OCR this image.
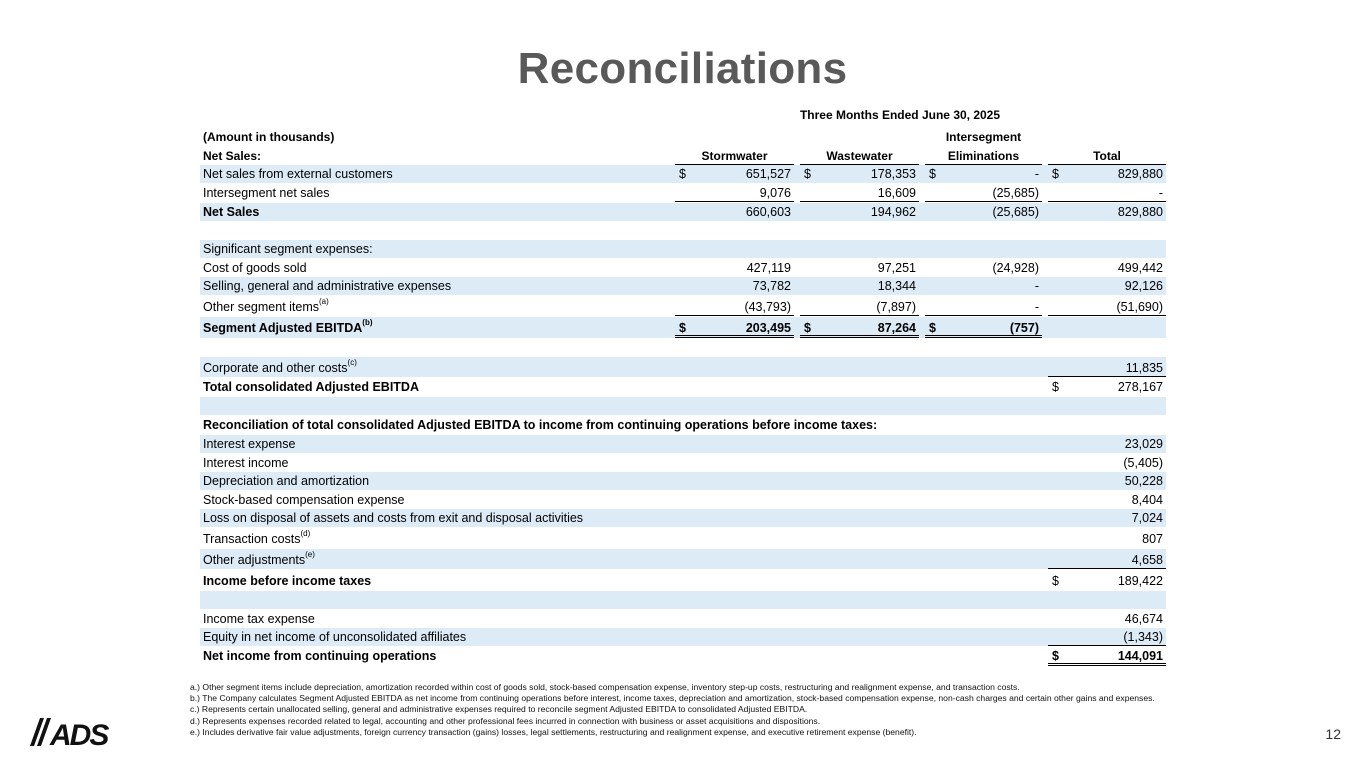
Reconciliations
Three Months Ended June 30, 2025
(Amount in thousands)
Net Sales:	Stormwater	Wastewater
Intersegment
Eliminations	Total
Net sales from external customers	$	651,527 $	178,353 $	- $	829,880
Intersegment net sales	9,076	16,609	(25,685)	-
Net Sales	660,603	194,962	(25,685)	829,880
Significant segment expenses:
Cost of goods sold	427,119	97,251	(24,928)	499,442
Selling, general and administrative expenses	73,782	18,344	-	92,126
Other segment items$^{(a)}$	(43,793)	(7,897)	-	(51,690)
Segment Adjusted EBITDA$^{(b)}$	$	203,495 $	87,264 $	(757)
Corporate and other costs$^{(c)}$	11,835
Total consolidated Adjusted EBITDA	$	278,167
Reconciliation of total consolidated Adjusted EBITDA to income from continuing operations before income taxes:
Interest expense	23,029
Interest income	(5,405)
Depreciation and amortization	50,228
Stock-based compensation expense	8,404
Loss on disposal of assets and costs from exit and disposal activities	7,024
Transaction costs$^{(d)}$	807
Other adjustments$^{(e)}$	4,658
Income before income taxes	$	189,422
Income tax expense	46,674
Equity in net income of unconsolidated affiliates	(1,343)
Net income from continuing operations	$	144,091
a.) Other segment items include depreciation, amortization recorded within cost of goods sold, stock-based compensation expense, inventory step-up costs, restructuring and realignment expense, and transaction costs.
b.) The Company calculates Segment Adjusted EBITDA as net income from continuing operations before interest, income taxes, depreciation and amortization, stock-based compensation expense, non-cash charges and certain other gains and expenses.
c.) Represents certain unallocated selling, general and administrative expenses required to reconcile segment Adjusted EBITDA to consolidated Adjusted EBITDA.
d.) Represents expenses recorded related to legal, accounting and other professional fees incurred in connection with business or asset acquisitions and dispositions.
e.) Includes derivative fair value adjustments, foreign currency transaction (gains) losses, legal settlements, restructuring and realignment expense, and executive retirement expense (benefit).
ADS	12
